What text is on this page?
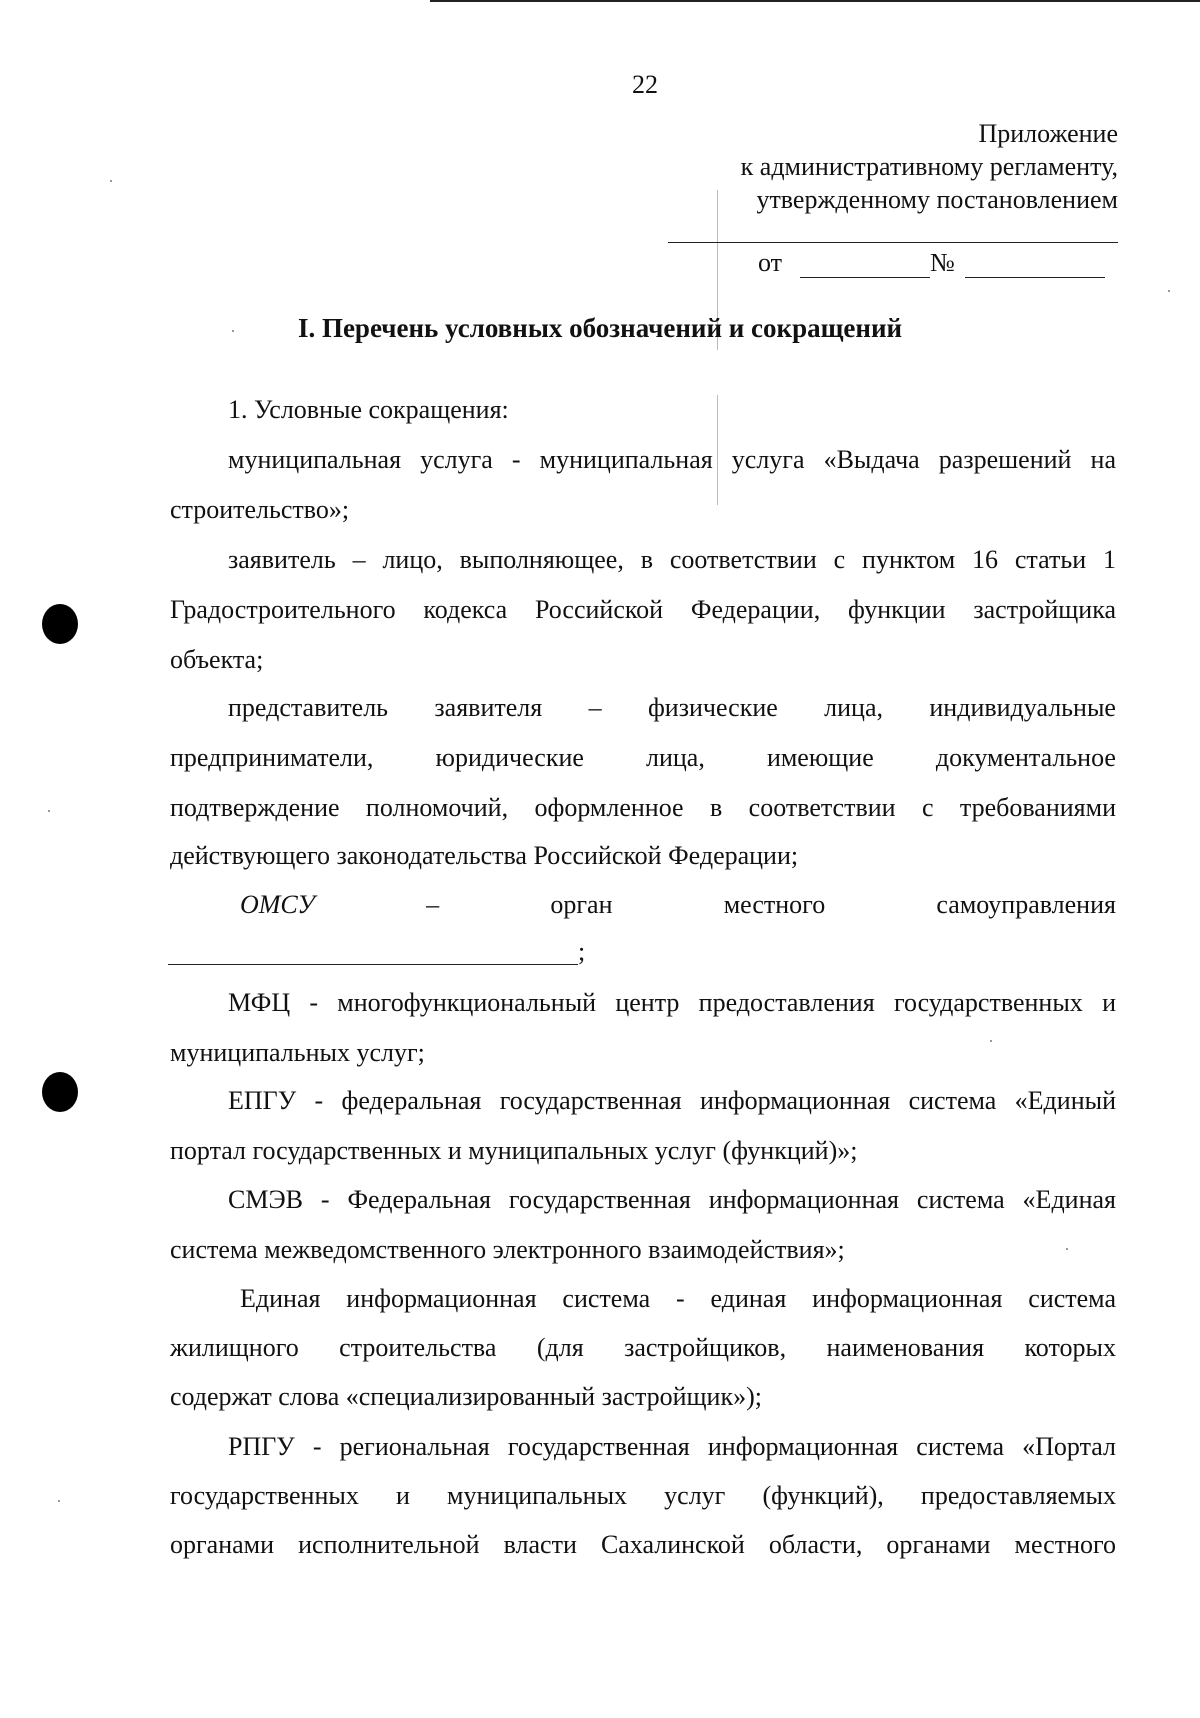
22
Приложение
к административному регламенту,
утвержденному постановлением
от	№
I. Перечень условных обозначений и сокращений
1. Условные сокращения:
муниципальная услуга - муниципальная услуга «Выдача разрешений на
строительство»;
заявитель – лицо, выполняющее, в соответствии с пунктом 16 статьи 1
Градостроительного кодекса Российской Федерации, функции застройщика
объекта;
представитель заявителя – физические лица, индивидуальные
предприниматели, юридические лица, имеющие документальное
подтверждение полномочий, оформленное в соответствии с требованиями
действующего законодательства Российской Федерации;
ОМСУ	–	орган	местного	самоуправления
;
МФЦ - многофункциональный центр предоставления государственных и
муниципальных услуг;
ЕПГУ - федеральная государственная информационная система «Единый
портал государственных и муниципальных услуг (функций)»;
СМЭВ - Федеральная государственная информационная система «Единая
система межведомственного электронного взаимодействия»;
Единая информационная система - единая информационная система
жилищного строительства (для застройщиков, наименования которых
содержат слова «специализированный застройщик»);
РПГУ - региональная государственная информационная система «Портал
государственных и муниципальных услуг (функций), предоставляемых
органами исполнительной власти Сахалинской области, органами местного
